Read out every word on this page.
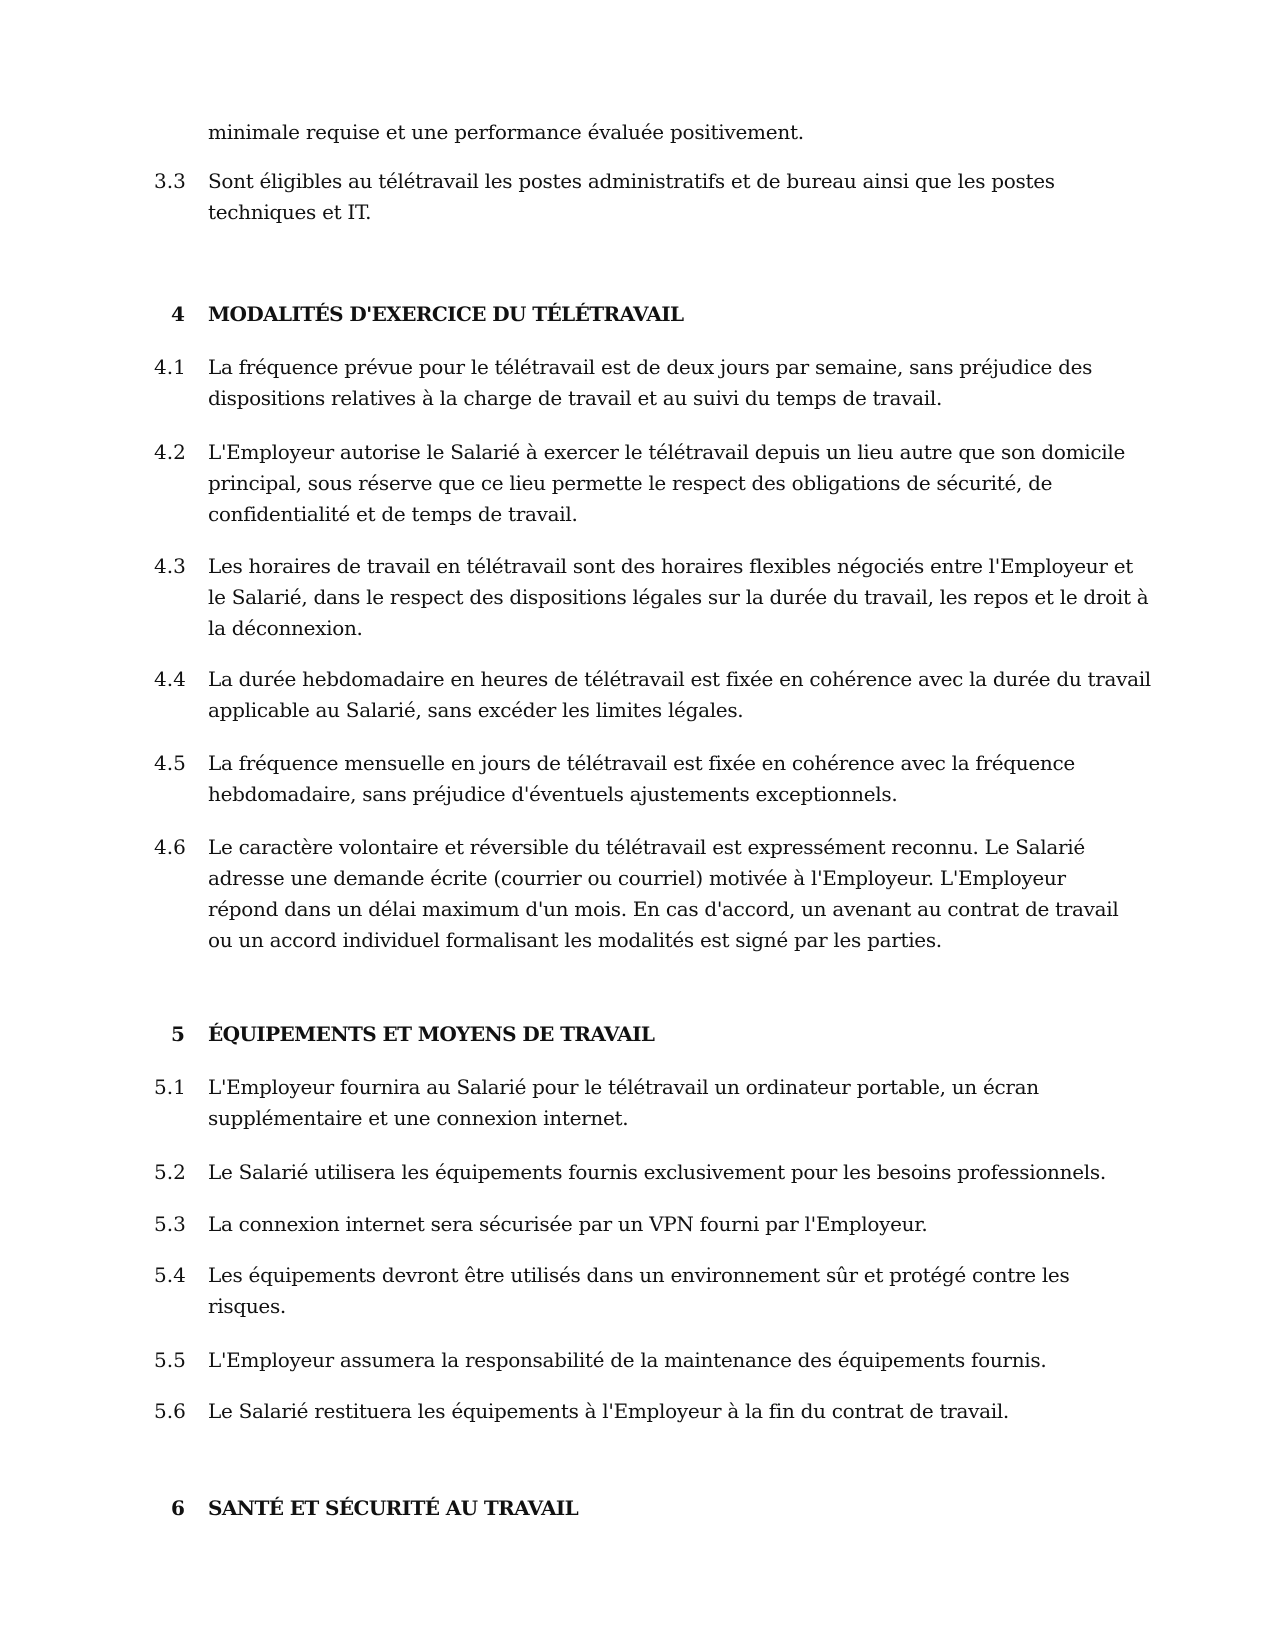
minimale requise et une performance évaluée positivement.
3.3 Sont éligibles au télétravail les postes administratifs et de bureau ainsi que les postes
techniques et IT.
4 MODALITÉS D'EXERCICE DU TÉLÉTRAVAIL
4.1 La fréquence prévue pour le télétravail est de deux jours par semaine, sans préjudice des
dispositions relatives à la charge de travail et au suivi du temps de travail.
4.2 L'Employeur autorise le Salarié à exercer le télétravail depuis un lieu autre que son domicile
principal, sous réserve que ce lieu permette le respect des obligations de sécurité, de
confidentialité et de temps de travail.
4.3 Les horaires de travail en télétravail sont des horaires flexibles négociés entre l'Employeur et
le Salarié, dans le respect des dispositions légales sur la durée du travail, les repos et le droit à
la déconnexion.
4.4 La durée hebdomadaire en heures de télétravail est fixée en cohérence avec la durée du travail
applicable au Salarié, sans excéder les limites légales.
4.5 La fréquence mensuelle en jours de télétravail est fixée en cohérence avec la fréquence
hebdomadaire, sans préjudice d'éventuels ajustements exceptionnels.
4.6 Le caractère volontaire et réversible du télétravail est expressément reconnu. Le Salarié
adresse une demande écrite (courrier ou courriel) motivée à l'Employeur. L'Employeur
répond dans un délai maximum d'un mois. En cas d'accord, un avenant au contrat de travail
ou un accord individuel formalisant les modalités est signé par les parties.
5 ÉQUIPEMENTS ET MOYENS DE TRAVAIL
5.1 L'Employeur fournira au Salarié pour le télétravail un ordinateur portable, un écran
supplémentaire et une connexion internet.
5.2 Le Salarié utilisera les équipements fournis exclusivement pour les besoins professionnels.
5.3 La connexion internet sera sécurisée par un VPN fourni par l'Employeur.
5.4 Les équipements devront être utilisés dans un environnement sûr et protégé contre les
risques.
5.5 L'Employeur assumera la responsabilité de la maintenance des équipements fournis.
5.6 Le Salarié restituera les équipements à l'Employeur à la fin du contrat de travail.
6 SANTÉ ET SÉCURITÉ AU TRAVAIL
